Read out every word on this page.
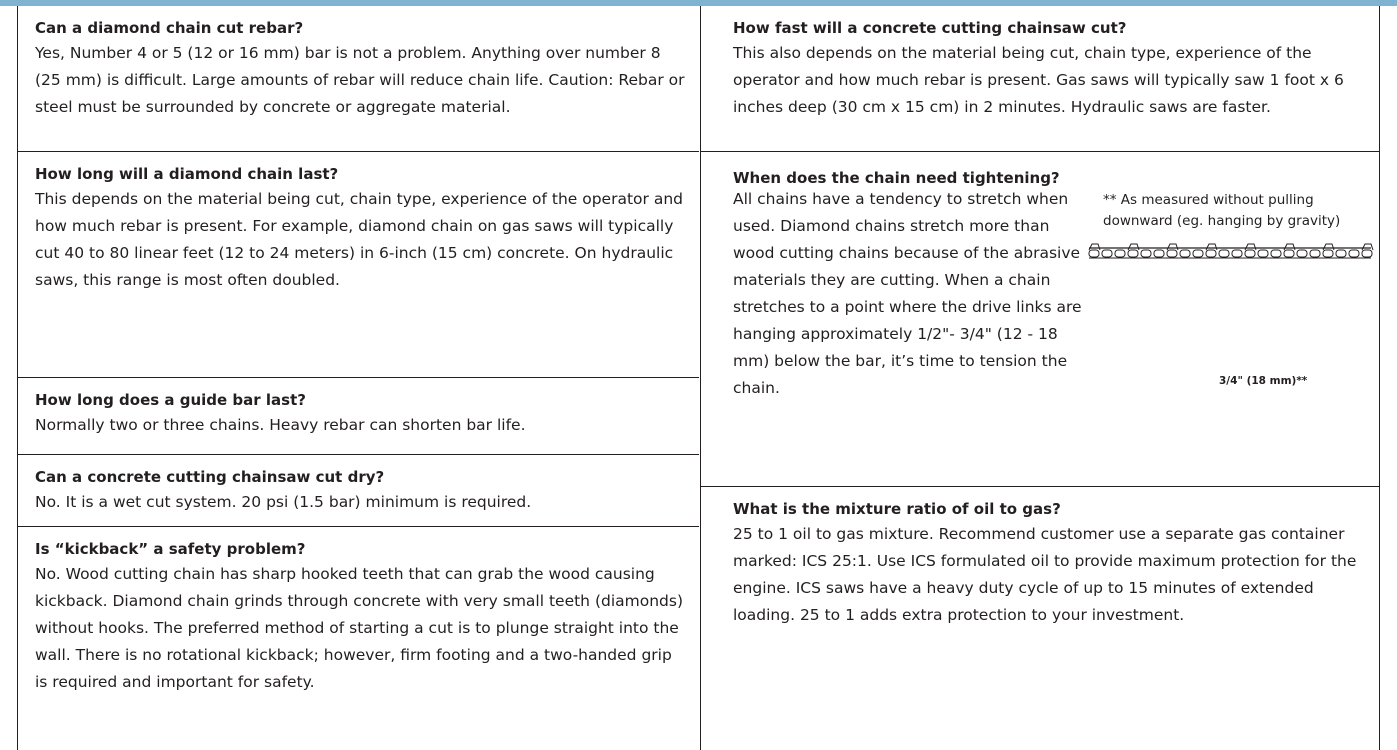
Can a diamond chain cut rebar?

Yes, Number 4 or 5 (12 or 16 mm) bar is not a problem. Anything over number 8 (25 mm) is difficult. Large amounts of rebar will reduce chain life. Caution: Rebar or steel must be surrounded by concrete or aggregate material.

How long will a diamond chain last?

This depends on the material being cut, chain type, experience of the operator and how much rebar is present. For example, diamond chain on gas saws will typically cut 40 to 80 linear feet (12 to 24 meters) in 6-inch (15 cm) concrete. On hydraulic saws, this range is most often doubled.

How long does a guide bar last?

Normally two or three chains. Heavy rebar can shorten bar life.

Can a concrete cutting chainsaw cut dry?

No. It is a wet cut system. 20 psi (1.5 bar) minimum is required.

Is “kickback” a safety problem?

No. Wood cutting chain has sharp hooked teeth that can grab the wood causing kickback. Diamond chain grinds through concrete with very small teeth (diamonds) without hooks. The preferred method of starting a cut is to plunge straight into the wall. There is no rotational kickback; however, firm footing and a two-handed grip is required and important for safety.

How fast will a concrete cutting chainsaw cut?

This also depends on the material being cut, chain type, experience of the operator and how much rebar is present. Gas saws will typically saw 1 foot x 6 inches deep (30 cm x 15 cm) in 2 minutes. Hydraulic saws are faster.

When does the chain need tightening?

All chains have a tendency to stretch when used. Diamond chains stretch more than wood cutting chains because of the abrasive materials they are cutting. When a chain stretches to a point where the drive links are hanging approximately 1/2"- 3/4" (12 - 18 mm) below the bar, it’s time to tension the chain.

** As measured without pulling downward (eg. hanging by gravity)
3/4" (18 mm)**
What is the mixture ratio of oil to gas?

25 to 1 oil to gas mixture. Recommend customer use a separate gas container marked: ICS 25:1. Use ICS formulated oil to provide maximum protection for the engine. ICS saws have a heavy duty cycle of up to 15 minutes of extended loading. 25 to 1 adds extra protection to your investment.
